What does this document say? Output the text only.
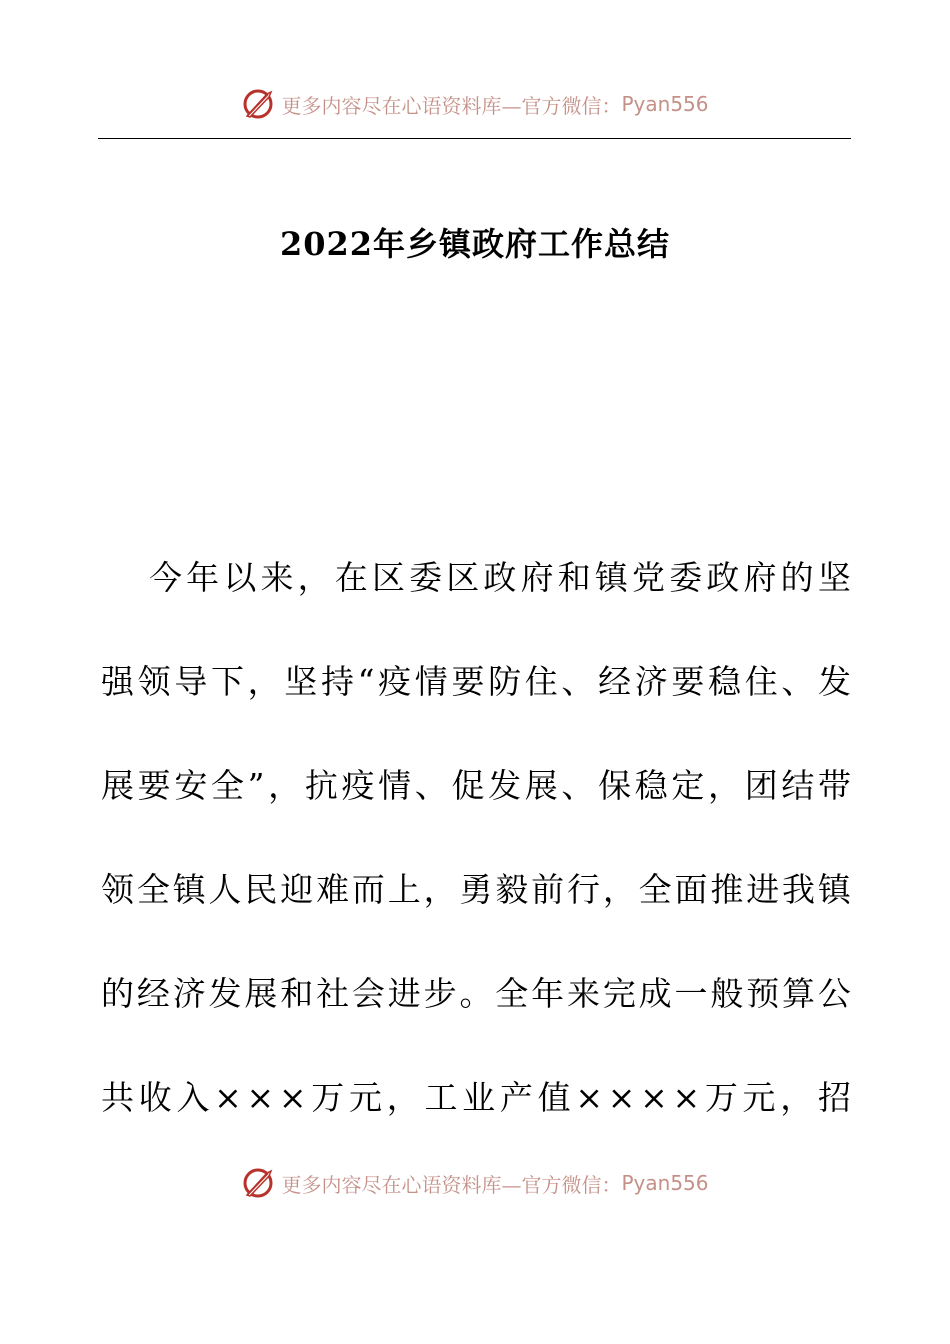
更多内容尽在心语资料库—官方微信： Pyan556
2022年乡镇政府工作总结
今 年 以 来 ， 在 区 委 区 政 府 和 镇 党 委 政 府 的 坚
强 领 导 下 ， 坚 持 “ 疫 情 要 防 住 、 经 济 要 稳 住 、 发
展 要 安 全 ” ， 抗 疫 情 、 促 发 展 、 保 稳 定 ， 团 结 带
领 全 镇 人 民 迎 难 而 上 ， 勇 毅 前 行 ， 全 面 推 进 我 镇
的 经 济 发 展 和 社 会 进 步 。 全 年 来 完 成 一 般 预 算 公
共 收 入 × × × 万 元 ， 工 业 产 值 × × × × 万 元 ， 招
更多内容尽在心语资料库—官方微信： Pyan556
